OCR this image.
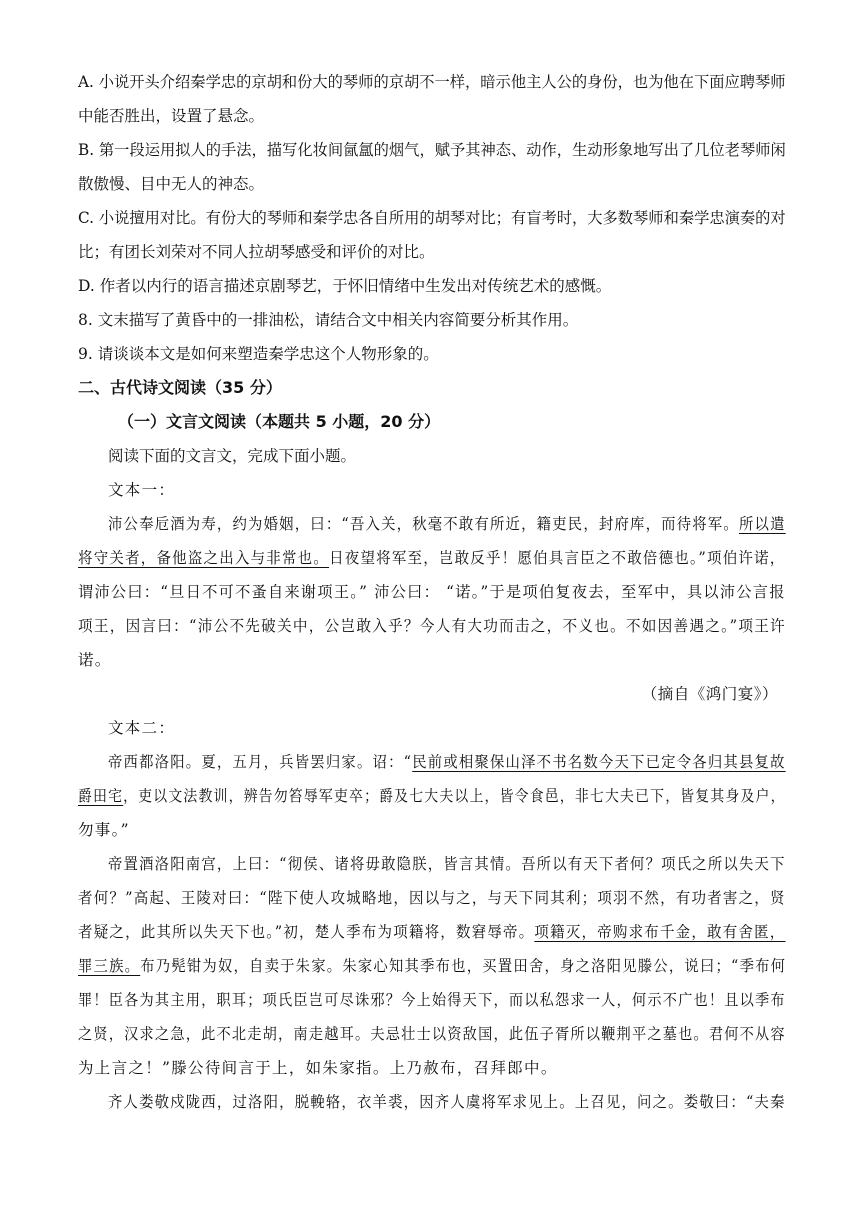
A. 小说开头介绍秦学忠的京胡和份大的琴师的京胡不一样，暗示他主人公的身份，也为他在下面应聘琴师
中能否胜出，设置了悬念。
B. 第一段运用拟人的手法，描写化妆间氤氲的烟气，赋予其神态、动作，生动形象地写出了几位老琴师闲
散傲慢、目中无人的神态。
C. 小说擅用对比。有份大的琴师和秦学忠各自所用的胡琴对比；有盲考时，大多数琴师和秦学忠演奏的对
比；有团长刘荣对不同人拉胡琴感受和评价的对比。
D. 作者以内行的语言描述京剧琴艺，于怀旧情绪中生发出对传统艺术的感慨。
8. 文末描写了黄昏中的一排油松，请结合文中相关内容简要分析其作用。
9. 请谈谈本文是如何来塑造秦学忠这个人物形象的。
二、古代诗文阅读（35 分）
（一）文言文阅读（本题共 5 小题，20 分）
阅读下面的文言文，完成下面小题。
文本一：
沛公奉卮酒为寿，约为婚姻，曰：“吾入关，秋毫不敢有所近，籍吏民，封府库，而待将军。所以遣
将守关者，备他盗之出入与非常也。日夜望将军至，岂敢反乎！愿伯具言臣之不敢倍德也。”项伯许诺，
谓沛公曰：“旦日不可不蚤自来谢项王。” 沛公曰： “诺。”于是项伯复夜去，至军中，具以沛公言报
项王，因言曰：“沛公不先破关中，公岂敢入乎？今人有大功而击之，不义也。不如因善遇之。”项王许
诺。
（摘自《鸿门宴》）
文本二：
帝西都洛阳。夏，五月，兵皆罢归家。诏：“民前或相聚保山泽不书名数今天下已定令各归其县复故
爵田宅，吏以文法教训，辨告勿笞辱军吏卒；爵及七大夫以上，皆令食邑，非七大夫已下，皆复其身及户，
勿事。”
帝置酒洛阳南宫，上曰：“彻侯、诸将毋敢隐朕，皆言其情。吾所以有天下者何？项氏之所以失天下
者何？”高起、王陵对曰：“陛下使人攻城略地，因以与之，与天下同其利；项羽不然，有功者害之，贤
者疑之，此其所以失天下也。”初，楚人季布为项籍将，数窘辱帝。项籍灭，帝购求布千金，敢有舍匿，
罪三族。布乃髡钳为奴，自卖于朱家。朱家心知其季布也，买置田舍，身之洛阳见滕公，说曰；“季布何
罪！臣各为其主用，职耳；项氏臣岂可尽诛邪？今上始得天下，而以私怨求一人，何示不广也！且以季布
之贤，汉求之急，此不北走胡，南走越耳。夫忌壮士以资敌国，此伍子胥所以鞭荆平之墓也。君何不从容
为上言之！”滕公待间言于上，如朱家指。上乃赦布，召拜郎中。
齐人娄敬戍陇西，过洛阳，脱輓辂，衣羊裘，因齐人虞将军求见上。上召见，问之。娄敬曰：“夫秦
